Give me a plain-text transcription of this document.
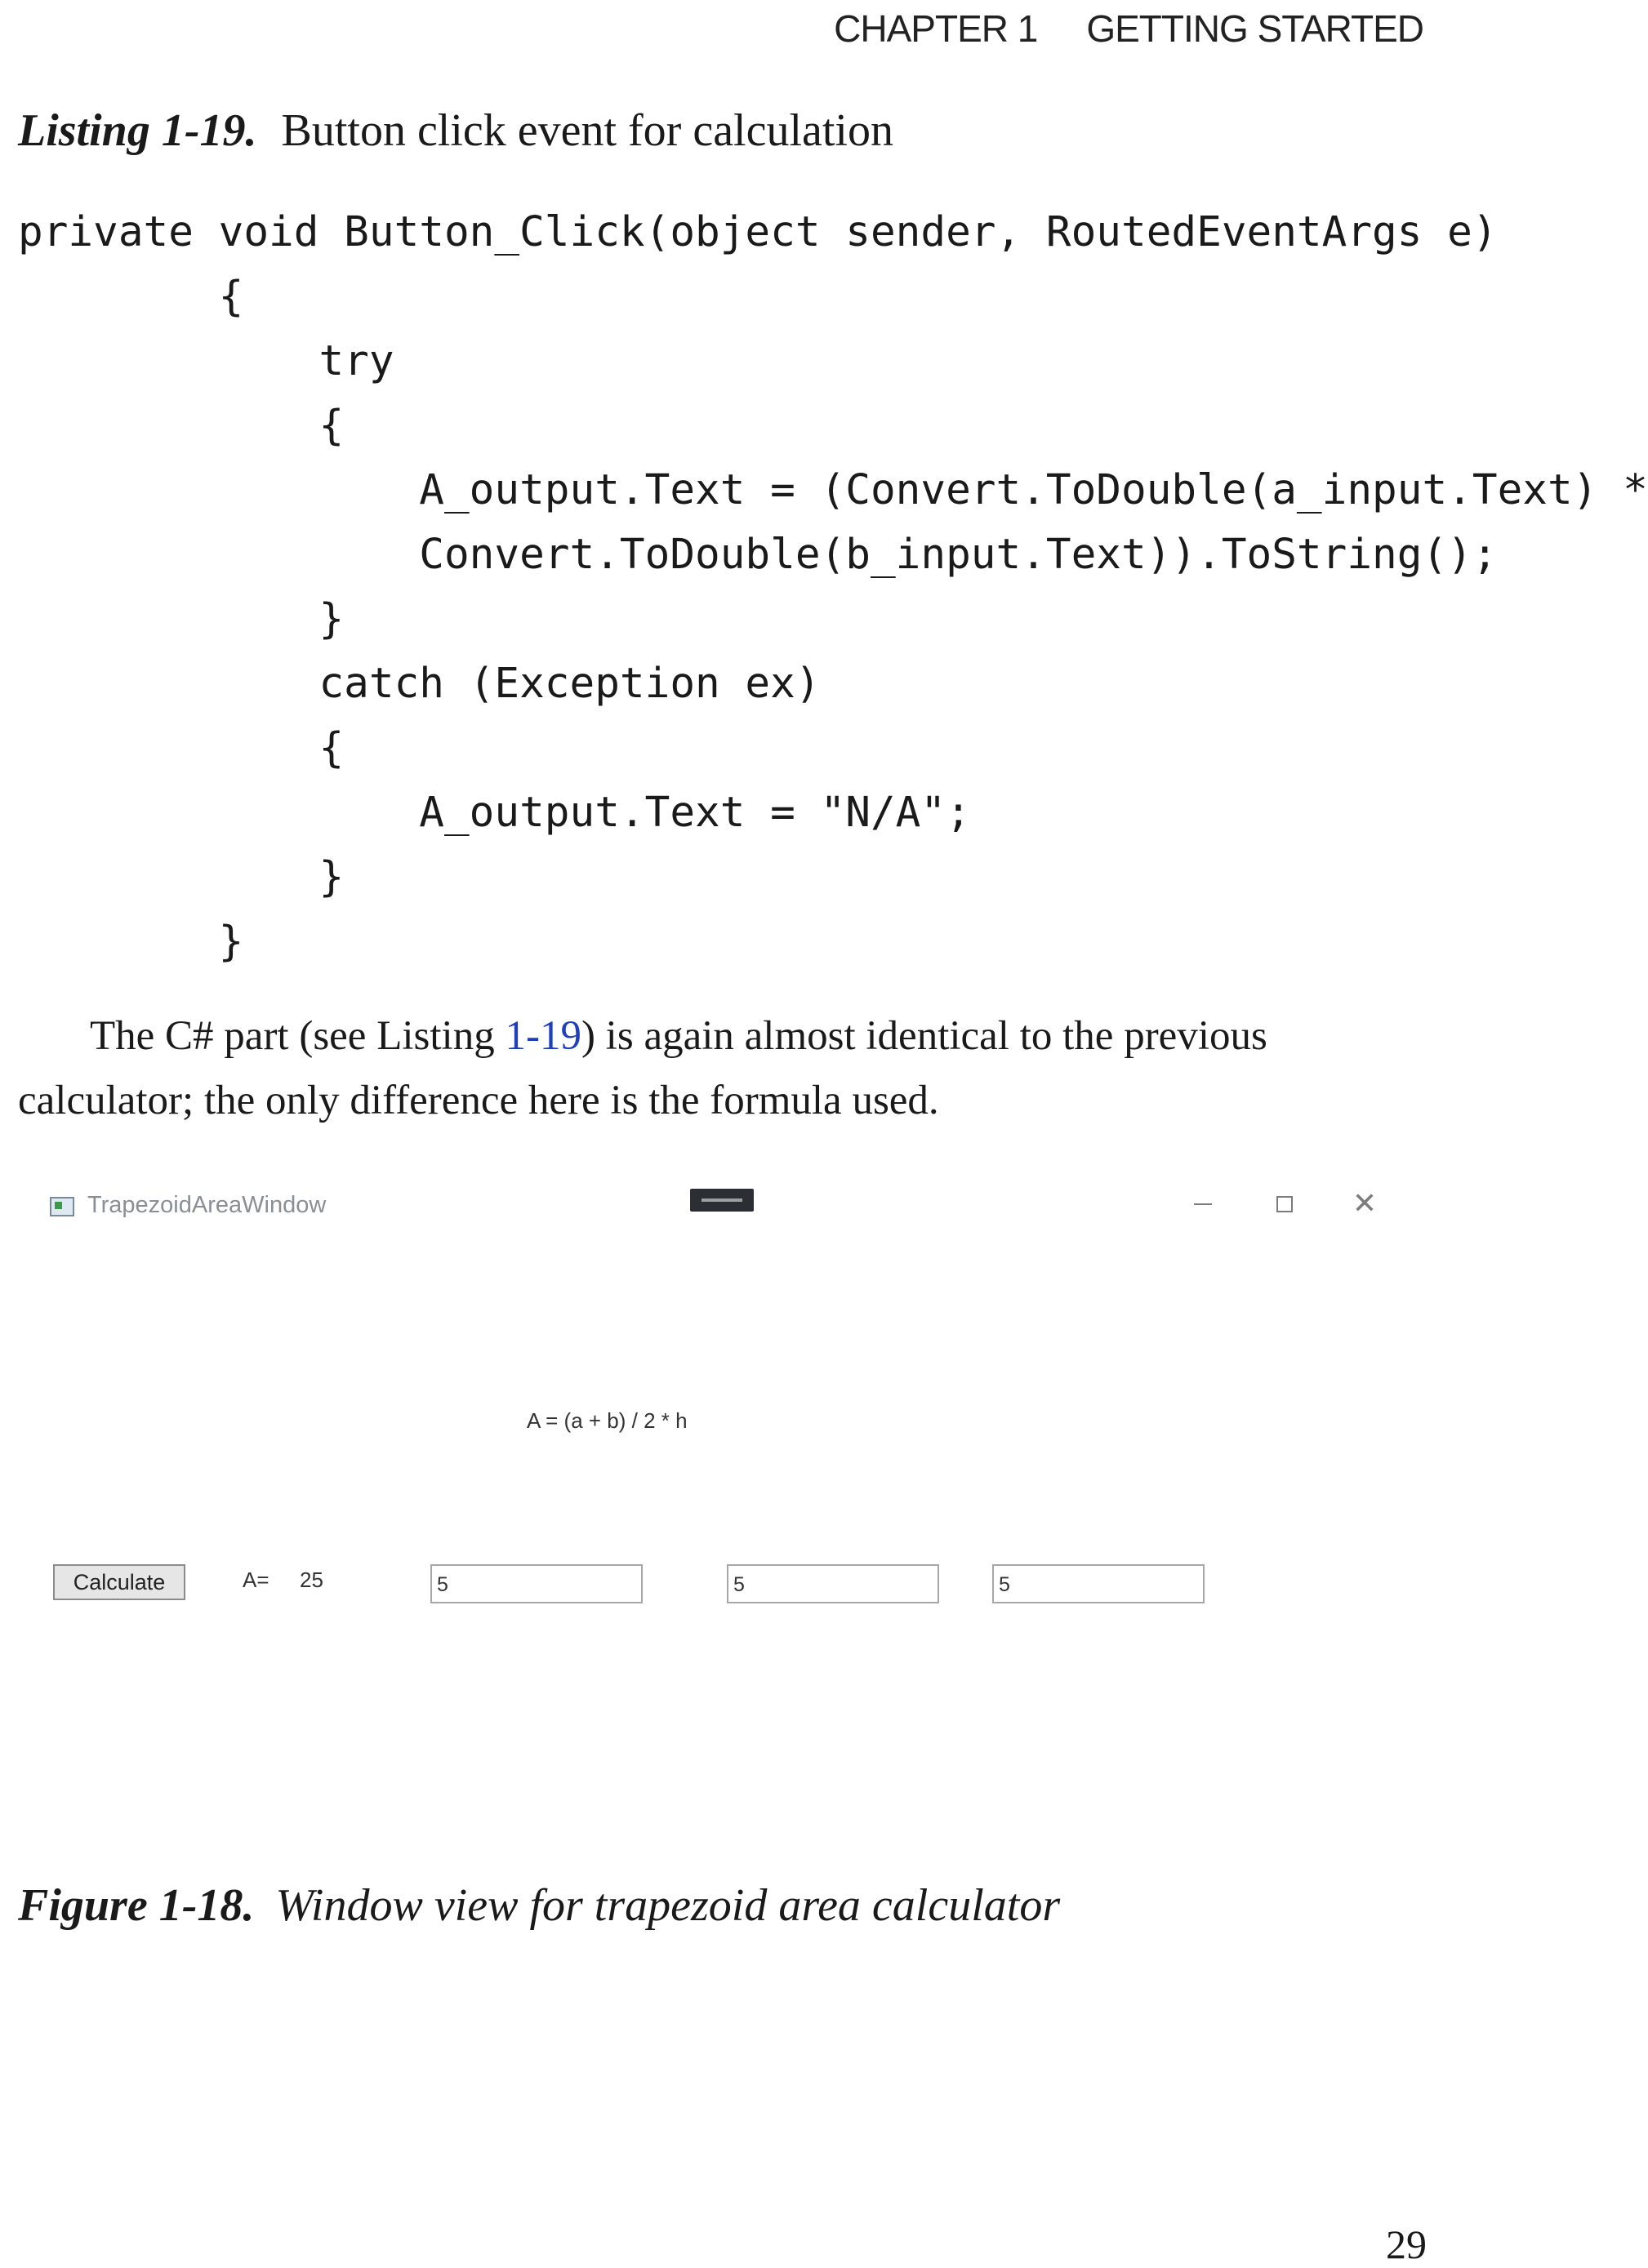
CHAPTER 1 GETTING STARTED
Listing 1-19. Button click event for calculation
private void Button_Click(object sender, RoutedEventArgs e)
{
try
{
A_output.Text = (Convert.ToDouble(a_input.Text) *
Convert.ToDouble(b_input.Text)).ToString();
}
catch (Exception ex)
{
A_output.Text = "N/A";
}
}

The C# part (see Listing 1-19) is again almost identical to the previous calculator; the only difference here is the formula used.

TrapezoidAreaWindow	✕
A = (a + b) / 2 * h
Calculate	A= 25
5
5
5
Figure 1-18. Window view for trapezoid area calculator
29
